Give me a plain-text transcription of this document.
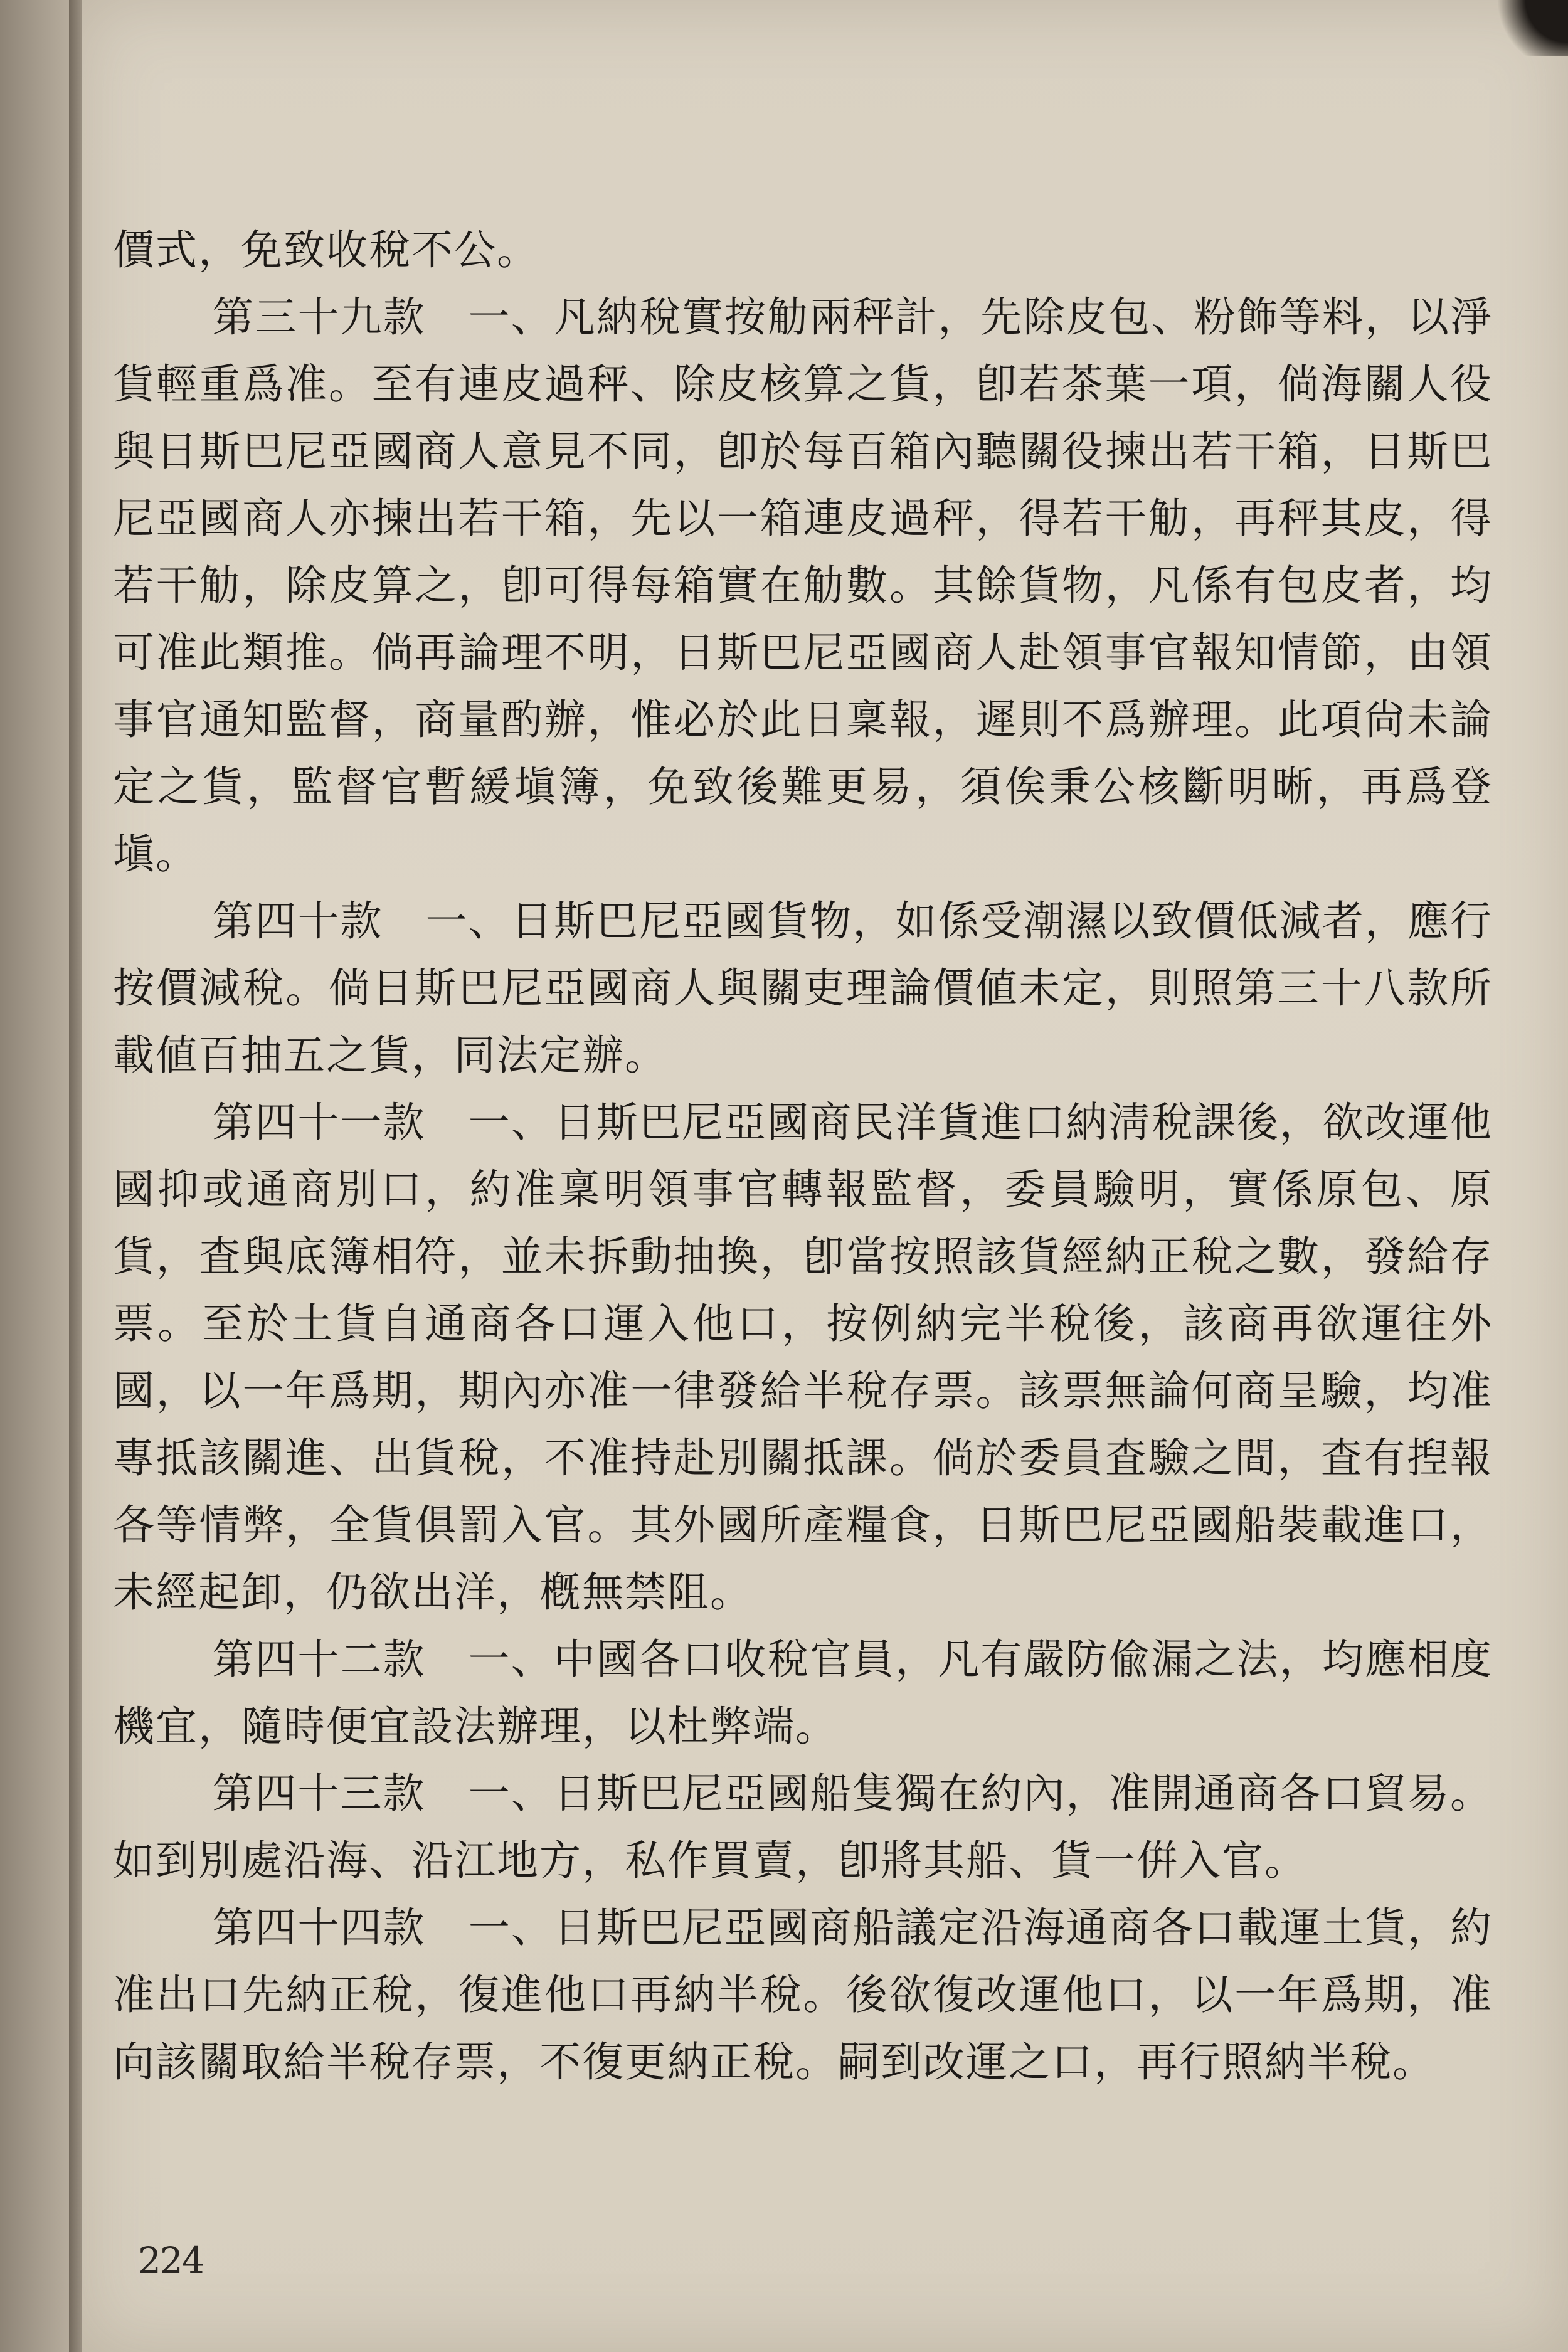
價式，免致收稅不公。

第三十九款　一、凡納稅實按觔兩秤計，先除皮包、粉飾等料，以淨貨輕重爲准。至有連皮過秤、除皮核算之貨，卽若茶葉一項，倘海關人役與日斯巴尼亞國商人意見不同，卽於每百箱內聽關役揀出若干箱，日斯巴尼亞國商人亦揀出若干箱，先以一箱連皮過秤，得若干觔，再秤其皮，得若干觔，除皮算之，卽可得每箱實在觔數。其餘貨物，凡係有包皮者，均可准此類推。倘再論理不明，日斯巴尼亞國商人赴領事官報知情節，由領事官通知監督，商量酌辦，惟必於此日稟報，遲則不爲辦理。此項尙未論定之貨，監督官暫緩塡簿，免致後難更易，須俟秉公核斷明晰，再爲登塡。

第四十款　一、日斯巴尼亞國貨物，如係受潮濕以致價低減者，應行按價減稅。倘日斯巴尼亞國商人與關吏理論價値未定，則照第三十八款所載値百抽五之貨，同法定辦。

第四十一款　一、日斯巴尼亞國商民洋貨進口納淸稅課後，欲改運他國抑或通商別口，約准稟明領事官轉報監督，委員驗明，實係原包、原貨，査與底簿相符，並未拆動抽換，卽當按照該貨經納正稅之數，發給存票。至於土貨自通商各口運入他口，按例納完半稅後，該商再欲運往外國，以一年爲期，期內亦准一律發給半稅存票。該票無論何商呈驗，均准專抵該關進、出貨稅，不准持赴別關抵課。倘於委員査驗之間，査有揑報各等情弊，全貨俱罰入官。其外國所產糧食，日斯巴尼亞國船裝載進口，未經起卸，仍欲出洋，槪無禁阻。

第四十二款　一、中國各口收稅官員，凡有嚴防偸漏之法，均應相度機宜，隨時便宜設法辦理，以杜弊端。

第四十三款　一、日斯巴尼亞國船隻獨在約內，准開通商各口貿易。如到別處沿海、沿江地方，私作買賣，卽將其船、貨一倂入官。

第四十四款　一、日斯巴尼亞國商船議定沿海通商各口載運土貨，約准出口先納正稅，復進他口再納半稅。後欲復改運他口，以一年爲期，准向該關取給半稅存票，不復更納正稅。嗣到改運之口，再行照納半稅。

224
